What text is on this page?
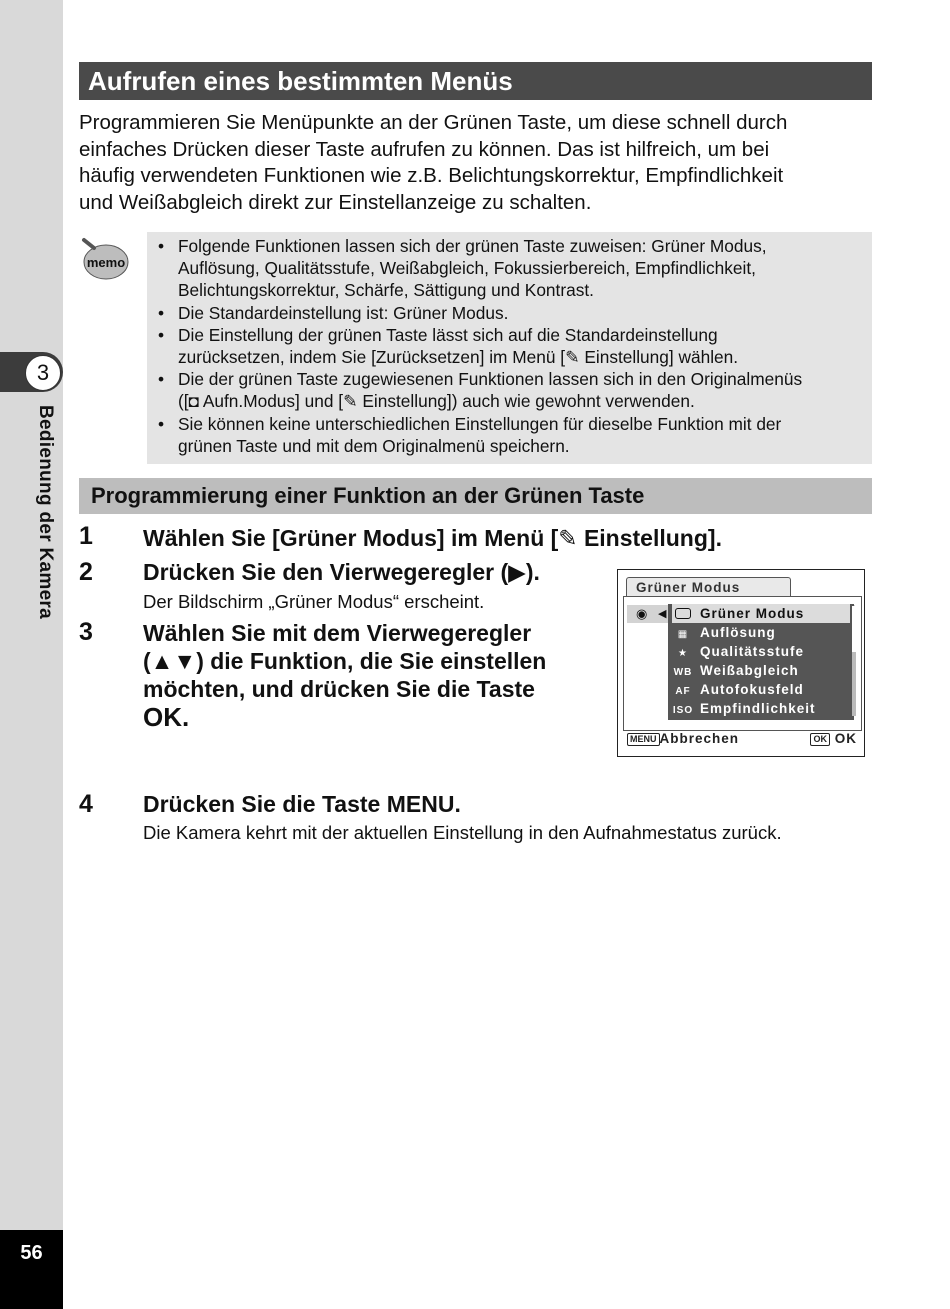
3
Bedienung der Kamera
56
Aufrufen eines bestimmten Menüs

Programmieren Sie Menüpunkte an der Grünen Taste, um diese schnell durch
einfaches Drücken dieser Taste aufrufen zu können. Das ist hilfreich, um bei
häufig verwendeten Funktionen wie z.B. Belichtungskorrektur, Empfindlichkeit
und Weißabgleich direkt zur Einstellanzeige zu schalten.

memo
• Folgende Funktionen lassen sich der grünen Taste zuweisen: Grüner Modus,
Auflösung, Qualitätsstufe, Weißabgleich, Fokussierbereich, Empfindlichkeit,
Belichtungskorrektur, Schärfe, Sättigung und Kontrast.
• Die Standardeinstellung ist: Grüner Modus.
• Die Einstellung der grünen Taste lässt sich auf die Standardeinstellung
zurücksetzen, indem Sie [Zurücksetzen] im Menü [✎ Einstellung] wählen.
• Die der grünen Taste zugewiesenen Funktionen lassen sich in den Originalmenüs
([◘ Aufn.Modus] und [✎ Einstellung]) auch wie gewohnt verwenden.
• Sie können keine unterschiedlichen Einstellungen für dieselbe Funktion mit der
grünen Taste und mit dem Originalmenü speichern.
Programmierung einer Funktion an der Grünen Taste
1 Wählen Sie [Grüner Modus] im Menü [✎ Einstellung].
2 Drücken Sie den Vierwegeregler (▶).
Der Bildschirm „Grüner Modus“ erscheint.
3 Wählen Sie mit dem Vierwegeregler
(▲▼) die Funktion, die Sie einstellen
möchten, und drücken Sie die Taste
OK.
4 Drücken Sie die Taste MENU.
Die Kamera kehrt mit der aktuellen Einstellung in den Aufnahmestatus zurück.
Grüner Modus
◉ ◀	Grüner Modus
▦ Auflösung
★ Qualitätsstufe
WB Weißabgleich
AF Autofokusfeld
ISO Empfindlichkeit
MENU Abbrechen	OK OK
